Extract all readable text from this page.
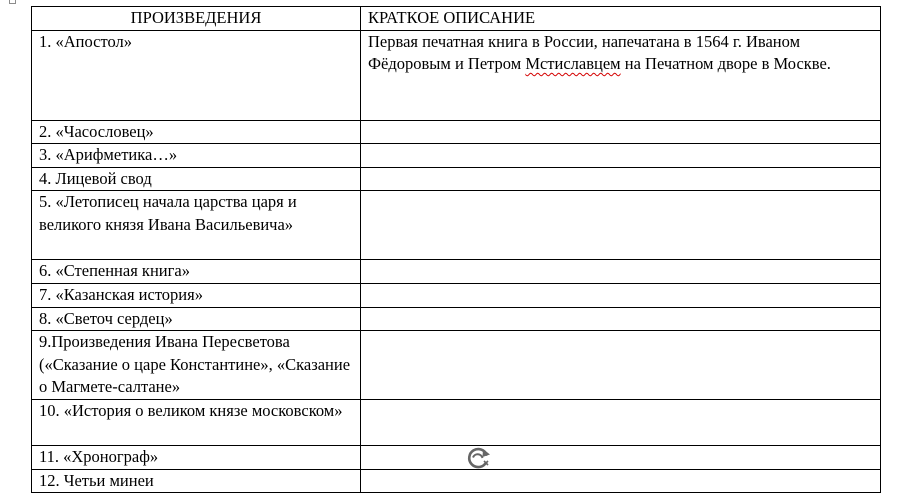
ПРОИЗВЕДЕНИЯ	КРАТКОЕ ОПИСАНИЕ
1. «Апостол»	Первая печатная книга в России, напечатана в 1564 г. Иваном Фёдоровым и Петром Мстиславцем на Печатном дворе в Москве.
2. «Часословец»	
3. «Арифметика…»	
4. Лицевой свод	
5. «Летописец начала царства царя и великого князя Ивана Васильевича»	
6. «Степенная книга»	
7. «Казанская история»	
8. «Светоч сердец»	
9.Произведения Ивана Пересветова («Сказание о царе Константине», «Сказание о Магмете-салтане»	
10. «История о великом князе московском»	
11. «Хронограф»	
12. Четьи минеи	
